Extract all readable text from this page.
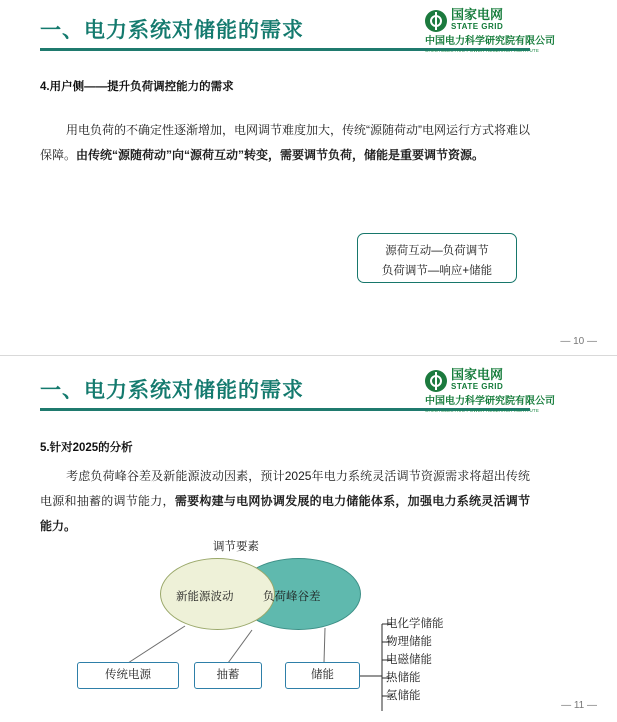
一、电力系统对储能的需求
国家电网
STATE GRID
中国电力科学研究院有限公司
CHINA ELECTRIC POWER RESEARCH INSTITUTE
4.用户侧——提升负荷调控能力的需求
用电负荷的不确定性逐渐增加，电网调节难度加大，传统“源随荷动”电网运行方式将难以保障。由传统“源随荷动”向“源荷互动”转变，需要调节负荷，储能是重要调节资源。
源荷互动—负荷调节
负荷调节—响应+储能
— 10 —
一、电力系统对储能的需求
国家电网
STATE GRID
中国电力科学研究院有限公司
CHINA ELECTRIC POWER RESEARCH INSTITUTE
5.针对2025的分析
考虑负荷峰谷差及新能源波动因素，预计2025年电力系统灵活调节资源需求将超出传统电源和抽蓄的调节能力，需要构建与电网协调发展的电力储能体系，加强电力系统灵活调节能力。
调节要素
新能源波动	负荷峰谷差
传统电源	抽蓄	储能
电化学储能
物理储能
电磁储能
热储能
氢储能
— 11 —
